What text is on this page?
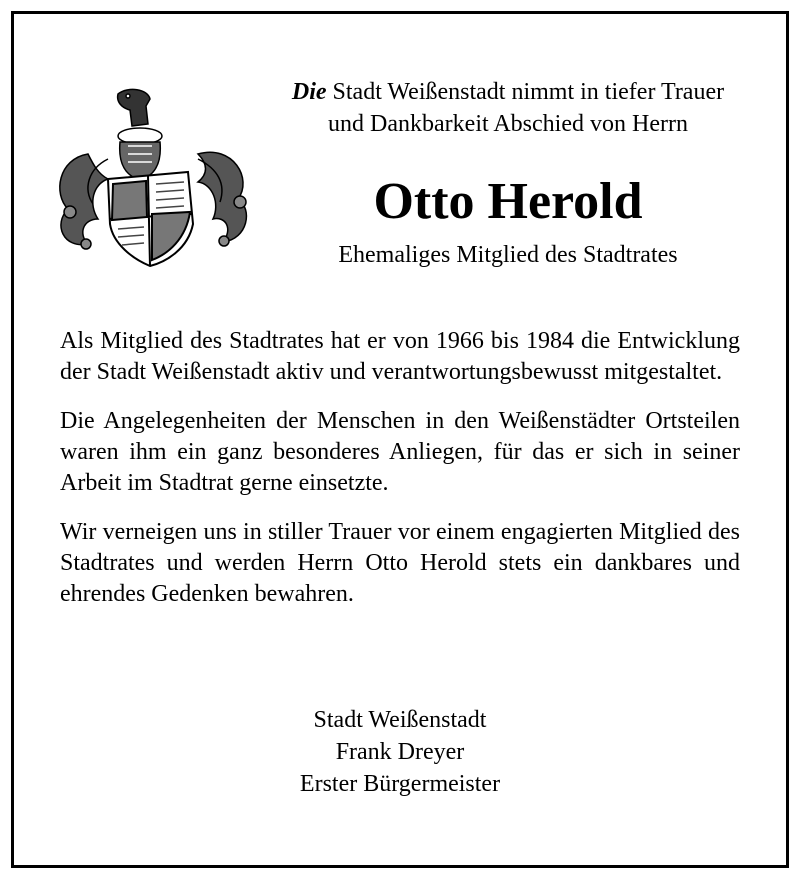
Die Stadt Weißenstadt nimmt in tiefer Trauer
und Dankbarkeit Abschied von Herrn
Otto Herold
Ehemaliges Mitglied des Stadtrates

Als Mitglied des Stadtrates hat er von 1966 bis 1984 die Entwicklung der Stadt Weißenstadt aktiv und verantwortungsbewusst mitgestaltet.

Die Angelegenheiten der Menschen in den Weißenstädter Ortsteilen waren ihm ein ganz besonderes Anliegen, für das er sich in seiner Arbeit im Stadtrat gerne einsetzte.

Wir verneigen uns in stiller Trauer vor einem engagierten Mitglied des Stadtrates und werden Herrn Otto Herold stets ein dankbares und ehrendes Gedenken bewahren.

Stadt Weißenstadt
Frank Dreyer
Erster Bürgermeister
